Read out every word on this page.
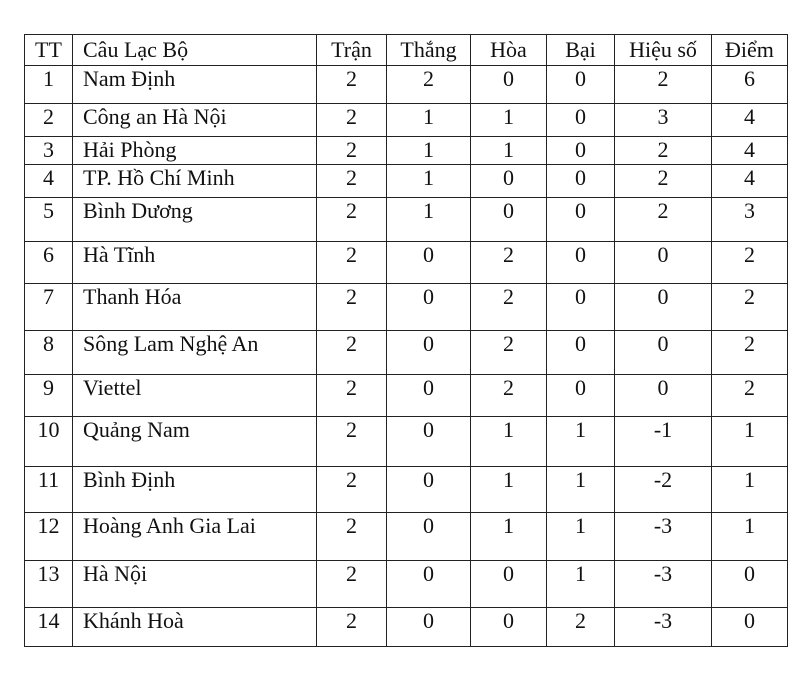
TT	Câu Lạc Bộ	Trận	Thắng	Hòa	Bại	Hiệu số	Điểm
1	Nam Định	2	2	0	0	2	6
2	Công an Hà Nội	2	1	1	0	3	4
3	Hải Phòng	2	1	1	0	2	4
4	TP. Hồ Chí Minh	2	1	0	0	2	4
5	Bình Dương	2	1	0	0	2	3
6	Hà Tĩnh	2	0	2	0	0	2
7	Thanh Hóa	2	0	2	0	0	2
8	Sông Lam Nghệ An	2	0	2	0	0	2
9	Viettel	2	0	2	0	0	2
10	Quảng Nam	2	0	1	1	-1	1
11	Bình Định	2	0	1	1	-2	1
12	Hoàng Anh Gia Lai	2	0	1	1	-3	1
13	Hà Nội	2	0	0	1	-3	0
14	Khánh Hoà	2	0	0	2	-3	0
